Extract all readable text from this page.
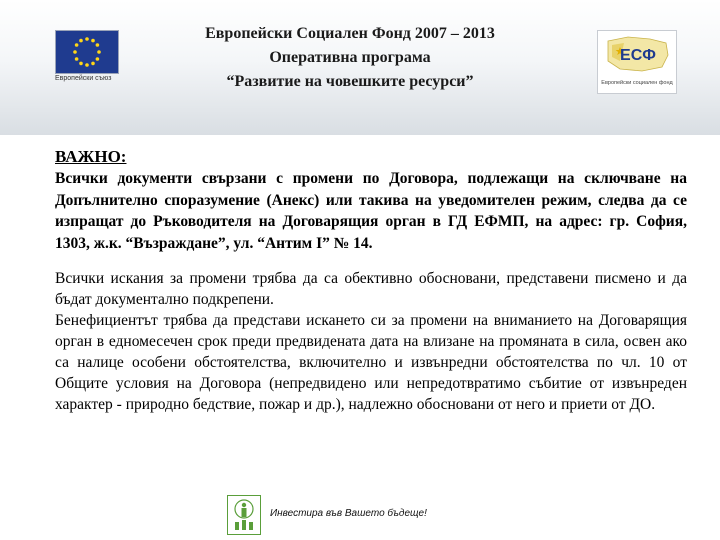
Европейски съюз
Европейски Социален Фонд 2007 – 2013
Оперативна програма
“Развитие на човешките ресурси”
ЕСФ
Европейски социален фонд

ВАЖНО:

Всички документи свързани с промени по Договора, подлежащи на сключване на Допълнително споразумение (Анекс) или такива на уведомителен режим, следва да се изпращат до Ръководителя на Договарящия орган в ГД ЕФМП, на адрес: гр. София, 1303, ж.к. “Възраждане”, ул. “Антим I” № 14.

Всички искания за промени трябва да са обективно обосновани, представени писмено и да бъдат документално подкрепени.

Бенефициентът трябва да представи искането си за промени на вниманието на Договарящия орган в едномесечен срок преди предвидената дата на влизане на промяната в сила, освен ако са налице особени обстоятелства, включително и извънредни обстоятелства по чл. 10 от Общите условия на Договора (непредвидено или непредотвратимо събитие от извънреден характер - природно бедствие, пожар и др.), надлежно обосновани от него и приети от ДО.

Инвестира във Вашето бъдеще!
